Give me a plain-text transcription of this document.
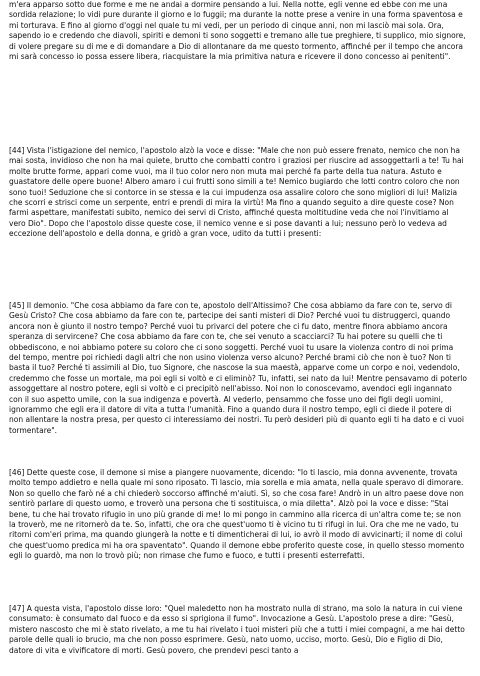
m'era apparso sotto due forme e me ne andai a dormire pensando a lui. Nella notte, egli venne ed ebbe con me una sordida relazione; lo vidi pure durante il giorno e lo fuggii; ma durante la notte prese a venire in una forma spaventosa e mi torturava. E fino al giorno d'oggi nel quale tu mi vedi, per un periodo di cinque anni, non mi lasciò mai sola. Ora, sapendo io e credendo che diavoli, spiriti e demoni ti sono soggetti e tremano alle tue preghiere, ti supplico, mio signore, di volere pregare su di me e di domandare a Dio di allontanare da me questo tormento, affinché per il tempo che ancora mi sarà concesso io possa essere libera, riacquistare la mia primitiva natura e ricevere il dono concesso ai penitenti".

[44] Vista l'istigazione del nemico, l'apostolo alzò la voce e disse: "Male che non può essere frenato, nemico che non ha mai sosta, invidioso che non ha mai quiete, brutto che combatti contro i graziosi per riuscire ad assoggettarli a te! Tu hai molte brutte forme, appari come vuoi, ma il tuo color nero non muta mai perché fa parte della tua natura. Astuto e guastatore delle opere buone! Albero amaro i cui frutti sono simili a te! Nemico bugiardo che lotti contro coloro che non sono tuoi! Seduzione che si contorce in se stessa e la cui impudenza osa assalire coloro che sono migliori di lui! Malizia che scorri e strisci come un serpente, entri e prendi di mira la virtù! Ma fino a quando seguito a dire queste cose? Non farmi aspettare, manifestati subito, nemico dei servi di Cristo, affinché questa moltitudine veda che noi l'invitiamo al vero Dio". Dopo che l'apostolo disse queste cose, il nemico venne e si pose davanti a lui; nessuno però lo vedeva ad eccezione dell'apostolo e della donna, e gridò a gran voce, udito da tutti i presenti:

[45] Il demonio. "Che cosa abbiamo da fare con te, apostolo dell'Altissimo? Che cosa abbiamo da fare con te, servo di Gesù Cristo? Che cosa abbiamo da fare con te, partecipe dei santi misteri di Dio? Perché vuoi tu distruggerci, quando ancora non è giunto il nostro tempo? Perché vuoi tu privarci del potere che ci fu dato, mentre finora abbiamo ancora speranza di servircene? Che cosa abbiamo da fare con te, che sei venuto a scacciarci? Tu hai potere su quelli che ti obbediscono, e noi abbiamo potere su coloro che ci sono soggetti. Perché vuoi tu usare la violenza contro di noi prima del tempo, mentre poi richiedi dagli altri che non usino violenza verso alcuno? Perché brami ciò che non è tuo? Non ti basta il tuo? Perché ti assimili al Dio, tuo Signore, che nascose la sua maestà, apparve come un corpo e noi, vedendolo, credemmo che fosse un mortale, ma poi egli si voltò e ci eliminò? Tu, infatti, sei nato da lui! Mentre pensavamo di poterlo assoggettare al nostro potere, egli si voltò e ci precipitò nell'abisso. Noi non lo conoscevamo, avendoci egli ingannato con il suo aspetto umile, con la sua indigenza e povertà. Al vederlo, pensammo che fosse uno dei figli degli uomini, ignorammo che egli era il datore di vita a tutta l'umanità. Fino a quando dura il nostro tempo, egli ci diede il potere di non allentare la nostra presa, per questo ci interessiamo dei nostri. Tu però desideri più di quanto egli ti ha dato e ci vuoi tormentare".

[46] Dette queste cose, il demone si mise a piangere nuovamente, dicendo: "Io ti lascio, mia donna avvenente, trovata molto tempo addietro e nella quale mi sono riposato. Ti lascio, mia sorella e mia amata, nella quale speravo di dimorare. Non so quello che farò né a chi chiederò soccorso affinché m'aiuti. Sì, so che cosa fare! Andrò in un altro paese dove non sentirò parlare di questo uomo, e troverò una persona che ti sostituisca, o mia diletta". Alzò poi la voce e disse: "Stai bene, tu che hai trovato rifugio in uno più grande di me! Io mi pongo in cammino alla ricerca di un'altra come te; se non la troverò, me ne ritornerò da te. So, infatti, che ora che quest'uomo ti è vicino tu ti rifugi in lui. Ora che me ne vado, tu ritorni com'eri prima, ma quando giungerà la notte e ti dimenticherai di lui, io avrò il modo di avvicinarti; il nome di colui che quest'uomo predica mi ha ora spaventato". Quando il demone ebbe proferito queste cose, in quello stesso momento egli lo guardò, ma non lo trovò più; non rimase che fumo e fuoco, e tutti i presenti esterrefatti.

[47] A questa vista, l'apostolo disse loro: "Quel maledetto non ha mostrato nulla di strano, ma solo la natura in cui viene consumato: è consumato dal fuoco e da esso si sprigiona il fumo". Invocazione a Gesù. L'apostolo prese a dire: "Gesù, mistero nascosto che mi è stato rivelato, a me tu hai rivelato i tuoi misteri più che a tutti i miei compagni, a me hai detto parole delle quali io brucio, ma che non posso esprimere. Gesù, nato uomo, ucciso, morto. Gesù, Dio e Figlio di Dio, datore di vita e vivificatore di morti. Gesù povero, che prendevi pesci tanto a
